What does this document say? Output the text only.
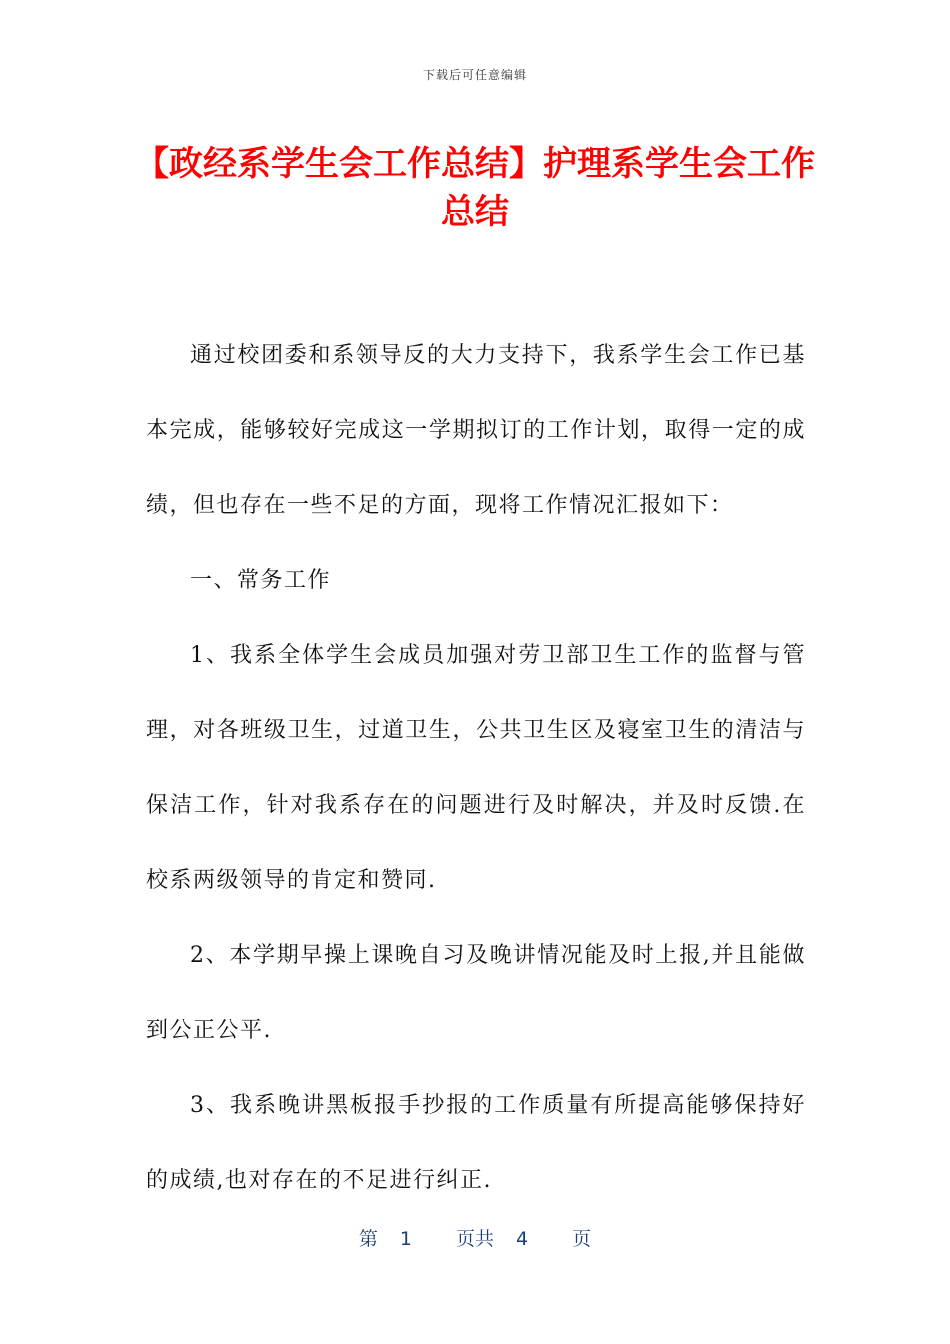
下载后可任意编辑
【政经系学生会工作总结】护理系学生会工作总结

通过校团委和系领导反的大力支持下，我系学生会工作已基本完成，能够较好完成这一学期拟订的工作计划，取得一定的成绩，但也存在一些不足的方面，现将工作情况汇报如下：

一、常务工作

1、我系全体学生会成员加强对劳卫部卫生工作的监督与管理，对各班级卫生，过道卫生，公共卫生区及寝室卫生的清洁与保洁工作，针对我系存在的问题进行及时解决，并及时反馈.在校系两级领导的肯定和赞同.

2、本学期早操上课晚自习及晚讲情况能及时上报,并且能做到公正公平.

3、我系晚讲黑板报手抄报的工作质量有所提高能够保持好的成绩,也对存在的不足进行纠正.

第 1 页共 4 页
